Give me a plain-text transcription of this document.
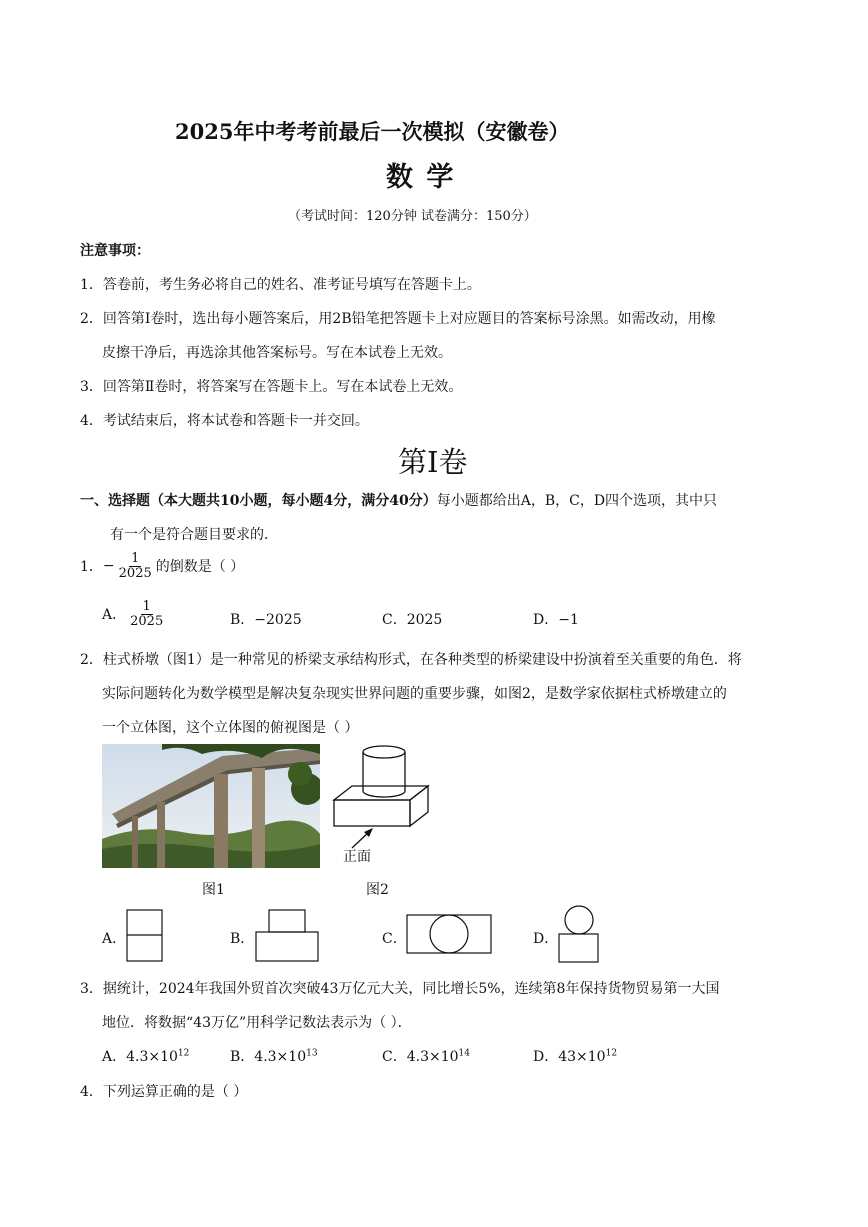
2025年中考考前最后一次模拟（安徽卷）
数 学
（考试时间：120分钟 试卷满分：150分）
注意事项：
1．答卷前，考生务必将自己的姓名、准考证号填写在答题卡上。
2．回答第Ⅰ卷时，选出每小题答案后，用2B铅笔把答题卡上对应题目的答案标号涂黑。如需改动，用橡
皮擦干净后，再选涂其他答案标号。写在本试卷上无效。
3．回答第Ⅱ卷时，将答案写在答题卡上。写在本试卷上无效。
4．考试结束后，将本试卷和答题卡一并交回。
第Ⅰ卷
一、选择题（本大题共10小题，每小题4分，满分40分）每小题都给出A，B，C，D四个选项，其中只
有一个是符合题目要求的．
1． − $\frac{1}{2025}$ 的倒数是（ ）
A． $\frac{1}{2025}$	B．−2025	C．2025	D．−1
2．柱式桥墩（图1）是一种常见的桥梁支承结构形式，在各种类型的桥梁建设中扮演着至关重要的角色．将
实际问题转化为数学模型是解决复杂现实世界问题的重要步骤，如图2，是数学家依据柱式桥墩建立的
一个立体图，这个立体图的俯视图是（ ）
图1
正面
图2
A．	B．	C．	D．
3．据统计，2024年我国外贸首次突破43万亿元大关，同比增长5%，连续第8年保持货物贸易第一大国
地位．将数据“43万亿”用科学记数法表示为（ ）．
A．$4.3\times 10^{12}$	B．$4.3\times 10^{13}$	C．$4.3\times 10^{14}$	D．$43\times 10^{12}$
4．下列运算正确的是（ ）
